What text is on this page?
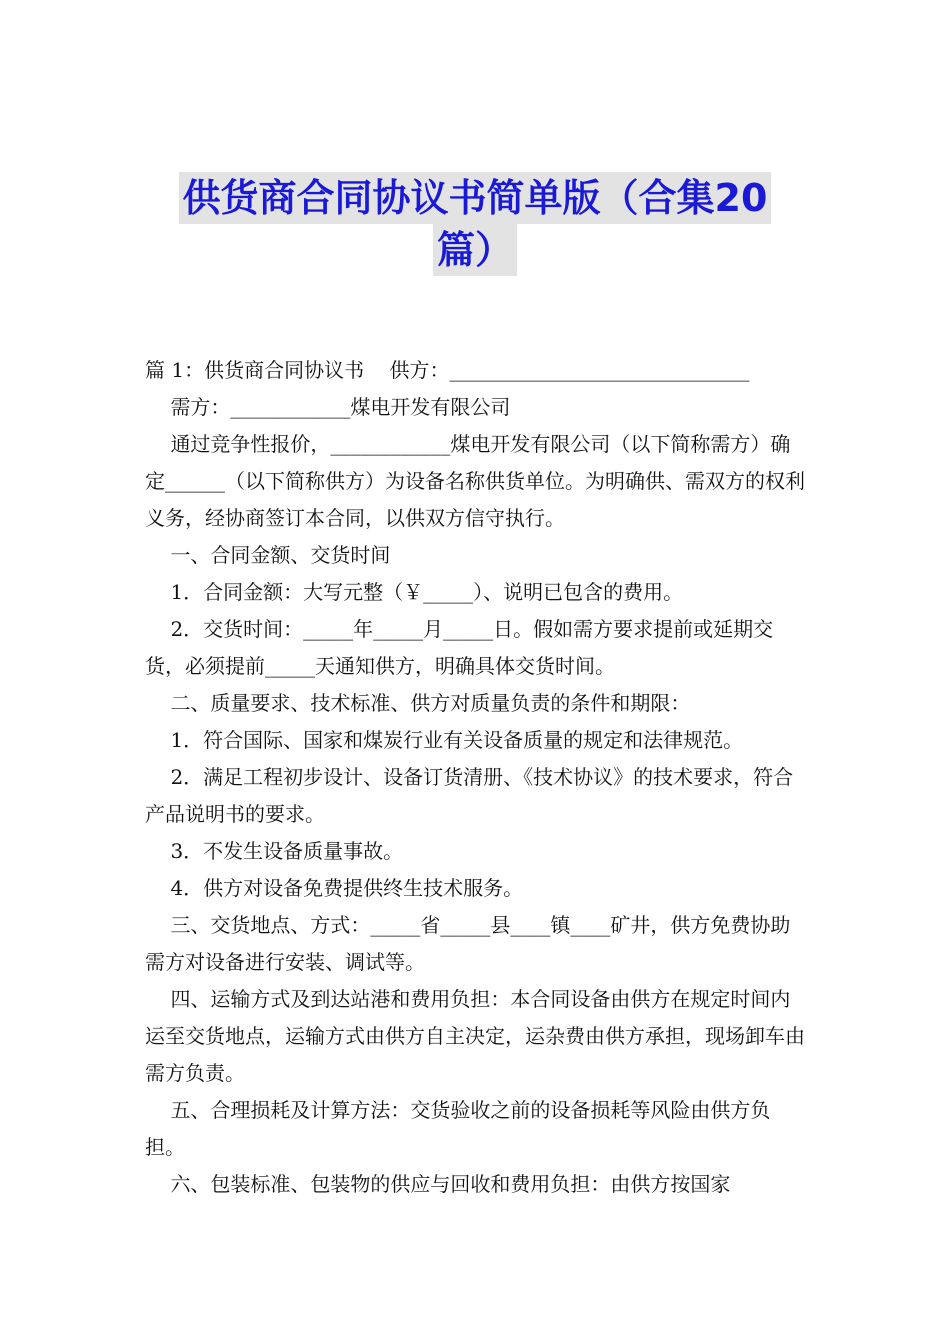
供货商合同协议书简单版（合集20
篇）

篇 1：供货商合同协议书    供方：______________________________

需方：____________煤电开发有限公司

通过竞争性报价，____________煤电开发有限公司（以下简称需方）确定______（以下简称供方）为设备名称供货单位。为明确供、需双方的权利义务，经协商签订本合同，以供双方信守执行。

一、合同金额、交货时间

1．合同金额：大写元整（￥_____）、说明已包含的费用。

2．交货时间：_____年_____月_____日。假如需方要求提前或延期交货，必须提前_____天通知供方，明确具体交货时间。

二、质量要求、技术标准、供方对质量负责的条件和期限：

1．符合国际、国家和煤炭行业有关设备质量的规定和法律规范。

2．满足工程初步设计、设备订货清册、《技术协议》的技术要求，符合产品说明书的要求。

3．不发生设备质量事故。

4．供方对设备免费提供终生技术服务。

三、交货地点、方式：_____省_____县____镇____矿井，供方免费协助需方对设备进行安装、调试等。

四、运输方式及到达站港和费用负担：本合同设备由供方在规定时间内运至交货地点，运输方式由供方自主决定，运杂费由供方承担，现场卸车由需方负责。

五、合理损耗及计算方法：交货验收之前的设备损耗等风险由供方负担。

六、包装标准、包装物的供应与回收和费用负担：由供方按国家
